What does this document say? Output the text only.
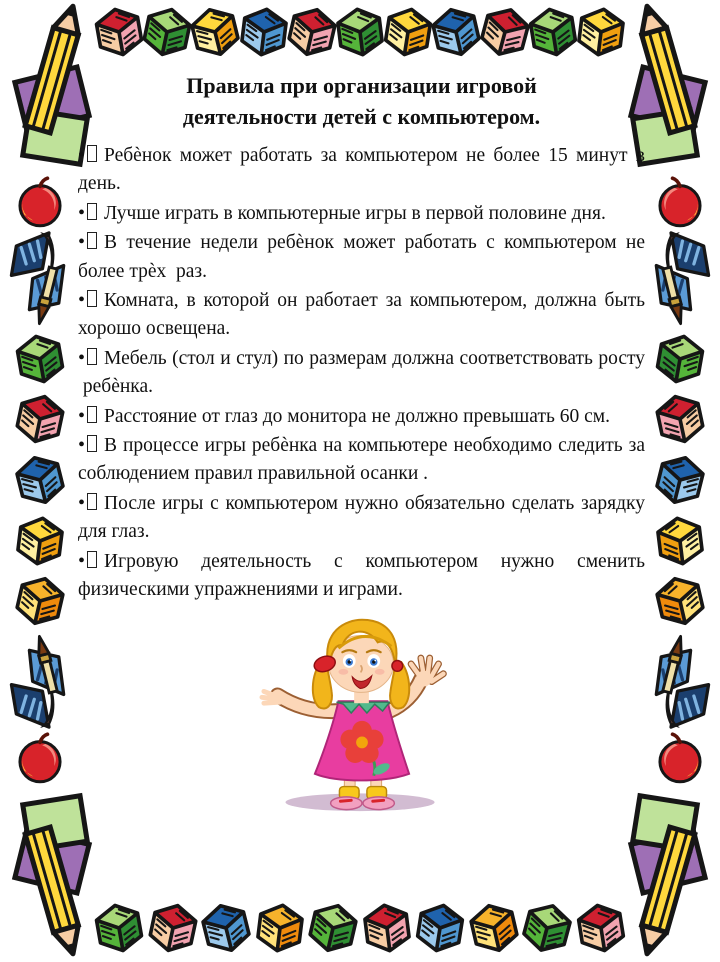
Правила при организации игровой деятельности детей с компьютером.
• Ребѐнок может работать за компьютером не более 15 минут в день.
• Лучше играть в компьютерные игры в первой половине дня.
• В течение недели ребѐнок может работать с компьютером не более трѐх  раз.
• Комната, в которой он работает за компьютером, должна быть хорошо освещена.
• Мебель (стол и стул) по размерам должна соответствовать росту  ребѐнка.
• Расстояние от глаз до монитора не должно превышать 60 см.
• В процессе игры ребѐнка на компьютере необходимо следить за соблюдением правил правильной осанки .
• После игры с компьютером нужно обязательно сделать зарядку для глаз.
• Игровую деятельность с компьютером нужно сменить физическими упражнениями и играми.
